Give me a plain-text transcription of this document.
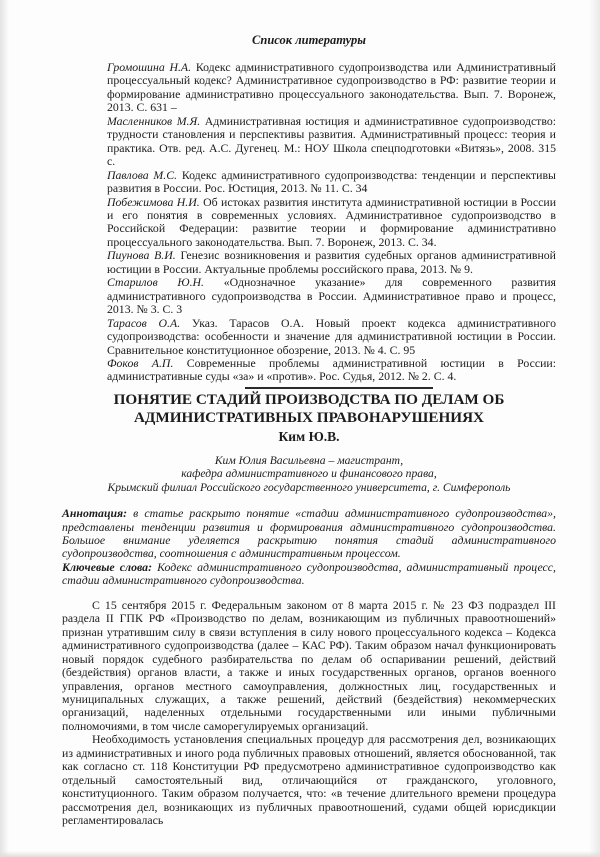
Список литературы

Громошина Н.А. Кодекс административного судопроизводства или Административный процессуальный кодекс? Административное судопроизводство в РФ: развитие теории и формирование административно процессуального законодательства. Вып. 7. Воронеж, 2013. С. 631 –

Масленников М.Я. Административная юстиция и административное судопроизводство: трудности становления и перспективы развития. Административный процесс: теория и практика. Отв. ред. А.С. Дугенец. М.: НОУ Школа спецподготовки «Витязь», 2008. 315 с.

Павлова М.С. Кодекс административного судопроизводства: тенденции и перспективы развития в России. Рос. Юстиция, 2013. № 11. С. 34

Побежимова Н.И. Об истоках развития института административной юстиции в России и его понятия в современных условиях. Административное судопроизводство в Российской Федерации: развитие теории и формирование административно процессуального законодательства. Вып. 7. Воронеж, 2013. С. 34.

Пиунова В.И. Генезис возникновения и развития судебных органов административной юстиции в России. Актуальные проблемы российского права, 2013. № 9.

Старилов Ю.Н. «Однозначное указание» для современного развития административного судопроизводства в России. Административное право и процесс, 2013. № 3. С. 3

Тарасов О.А. Указ. Тарасов О.А. Новый проект кодекса административного судопроизводства: особенности и значение для административной юстиции в России. Сравнительное конституционное обозрение, 2013. № 4. С. 95

Фоков А.П. Современные проблемы административной юстиции в России: административные суды «за» и «против». Рос. Судья, 2012. № 2. С. 4.

ПОНЯТИЕ СТАДИЙ ПРОИЗВОДСТВА ПО ДЕЛАМ ОБ АДМИНИСТРАТИВНЫХ ПРАВОНАРУШЕНИЯХ
Ким Ю.В.
Ким Юлия Васильевна – магистрант,
кафедра административного и финансового права,
Крымский филиал Российского государственного университета, г. Симферополь

Аннотация: в статье раскрыто понятие «стадии административного судопроизводства», представлены тенденции развития и формирования административного судопроизводства. Большое внимание уделяется раскрытию понятия стадий административного судопроизводства, соотношения с административным процессом.

Ключевые слова: Кодекс административного судопроизводства, административный процесс, стадии административного судопроизводства.

С 15 сентября 2015 г. Федеральным законом от 8 марта 2015 г. № 23 ФЗ подраздел III раздела II ГПК РФ «Производство по делам, возникающим из публичных правоотношений» признан утратившим силу в связи вступления в силу нового процессуального кодекса – Кодекса административного судопроизводства (далее – КАС РФ). Таким образом начал функционировать новый порядок судебного разбирательства по делам об оспаривании решений, действий (бездействия) органов власти, а также и иных государственных органов, органов военного управления, органов местного самоуправления, должностных лиц, государственных и муниципальных служащих, а также решений, действий (бездействия) некоммерческих организаций, наделенных отдельными государственными или иными публичными полномочиями, в том числе саморегулируемых организаций.

Необходимость установления специальных процедур для рассмотрения дел, возникающих из административных и иного рода публичных правовых отношений, является обоснованной, так как согласно ст. 118 Конституции РФ предусмотрено административное судопроизводство как отдельный самостоятельный вид, отличающийся от гражданского, уголовного, конституционного. Таким образом получается, что: «в течение длительного времени процедура рассмотрения дел, возникающих из публичных правоотношений, судами общей юрисдикции регламентировалась
